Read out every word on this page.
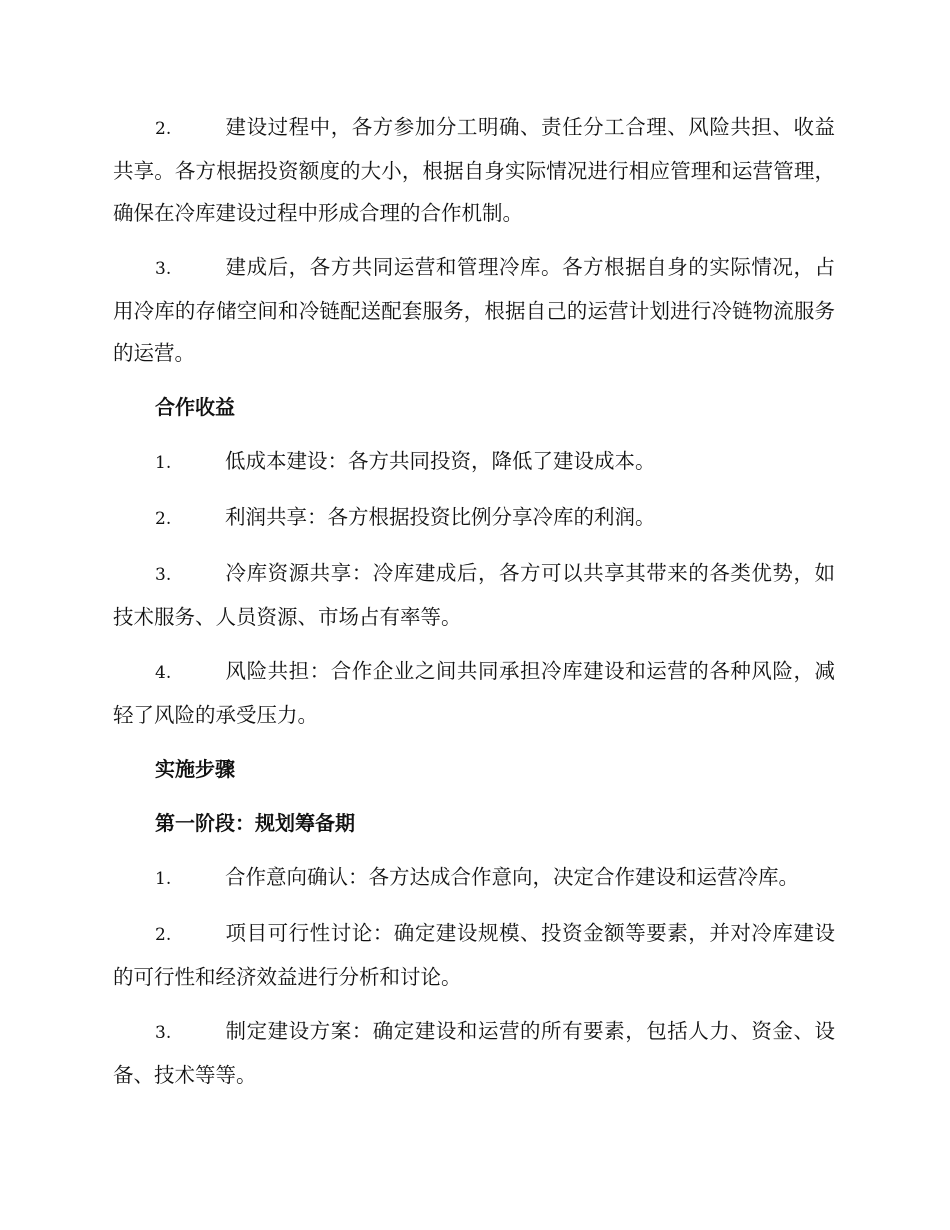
2.	建设过程中，各方参加分工明确、责任分工合理、风险共担、收益共享。各方根据投资额度的大小，根据自身实际情况进行相应管理和运营管理，确保在冷库建设过程中形成合理的合作机制。

3.	建成后，各方共同运营和管理冷库。各方根据自身的实际情况，占用冷库的存储空间和冷链配送配套服务，根据自己的运营计划进行冷链物流服务的运营。

合作收益

1.	低成本建设：各方共同投资，降低了建设成本。

2.	利润共享：各方根据投资比例分享冷库的利润。

3.	冷库资源共享：冷库建成后，各方可以共享其带来的各类优势，如技术服务、人员资源、市场占有率等。

4.	风险共担：合作企业之间共同承担冷库建设和运营的各种风险，减轻了风险的承受压力。

实施步骤

第一阶段：规划筹备期

1.	合作意向确认：各方达成合作意向，决定合作建设和运营冷库。

2.	项目可行性讨论：确定建设规模、投资金额等要素，并对冷库建设的可行性和经济效益进行分析和讨论。

3.	制定建设方案：确定建设和运营的所有要素，包括人力、资金、设备、技术等等。
